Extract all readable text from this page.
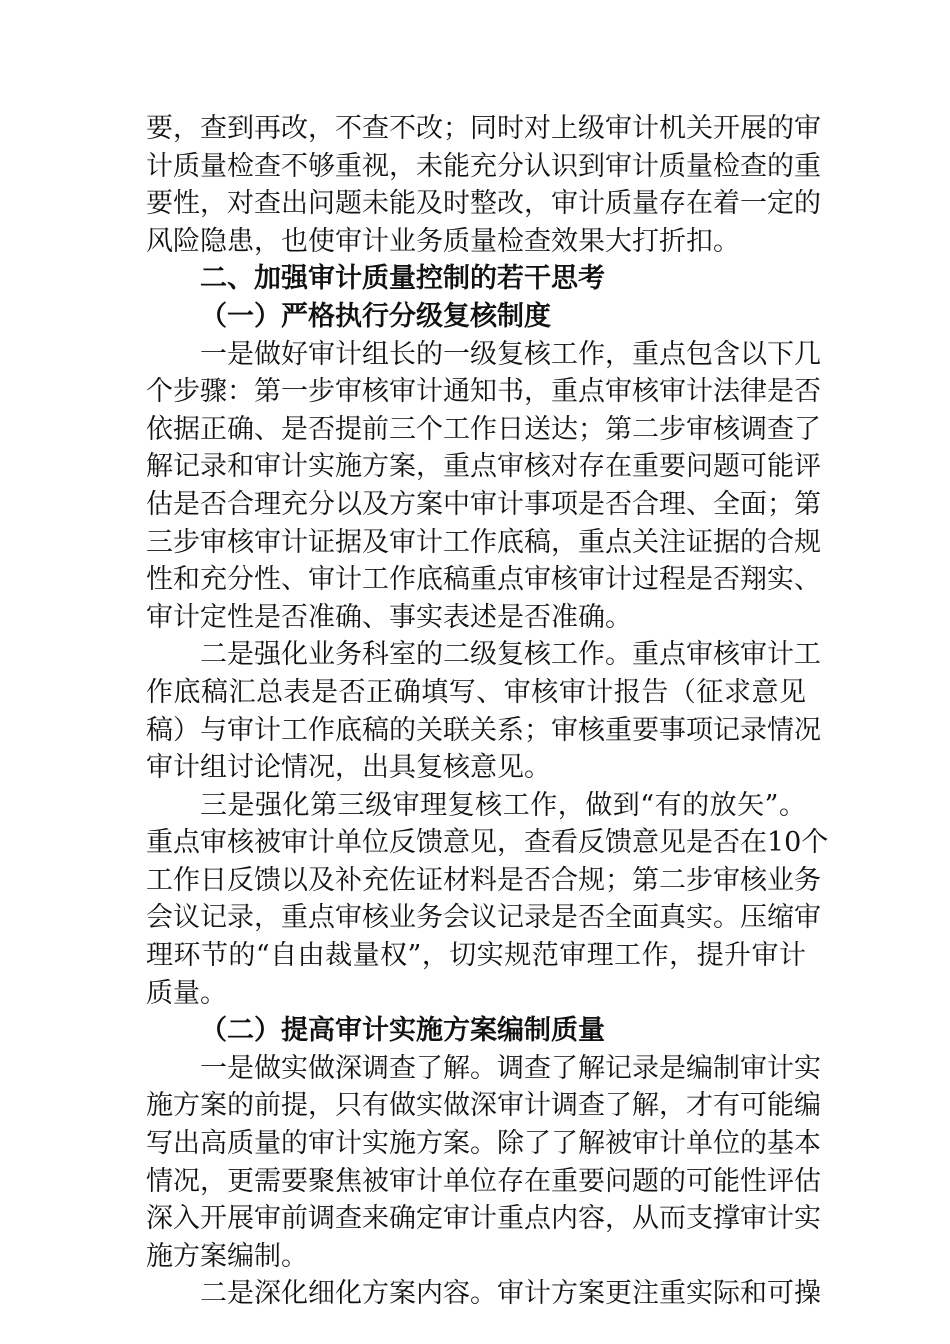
要，查到再改，不查不改；同时对上级审计机关开展的审
计质量检查不够重视，未能充分认识到审计质量检查的重
要性，对查出问题未能及时整改，审计质量存在着一定的
风险隐患，也使审计业务质量检查效果大打折扣。
二、加强审计质量控制的若干思考
（一）严格执行分级复核制度
一是做好审计组长的一级复核工作，重点包含以下几
个步骤：第一步审核审计通知书，重点审核审计法律是否
依据正确、是否提前三个工作日送达；第二步审核调查了
解记录和审计实施方案，重点审核对存在重要问题可能评
估是否合理充分以及方案中审计事项是否合理、全面；第
三步审核审计证据及审计工作底稿，重点关注证据的合规
性和充分性、审计工作底稿重点审核审计过程是否翔实、
审计定性是否准确、事实表述是否准确。
二是强化业务科室的二级复核工作。重点审核审计工
作底稿汇总表是否正确填写、审核审计报告（征求意见
稿）与审计工作底稿的关联关系；审核重要事项记录情况
审计组讨论情况，出具复核意见。
三是强化第三级审理复核工作，做到“有的放矢”。
重点审核被审计单位反馈意见，查看反馈意见是否在10个
工作日反馈以及补充佐证材料是否合规；第二步审核业务
会议记录，重点审核业务会议记录是否全面真实。压缩审
理环节的“自由裁量权”，切实规范审理工作，提升审计
质量。
（二）提高审计实施方案编制质量
一是做实做深调查了解。调查了解记录是编制审计实
施方案的前提，只有做实做深审计调查了解，才有可能编
写出高质量的审计实施方案。除了了解被审计单位的基本
情况，更需要聚焦被审计单位存在重要问题的可能性评估
深入开展审前调查来确定审计重点内容，从而支撑审计实
施方案编制。
二是深化细化方案内容。审计方案更注重实际和可操
